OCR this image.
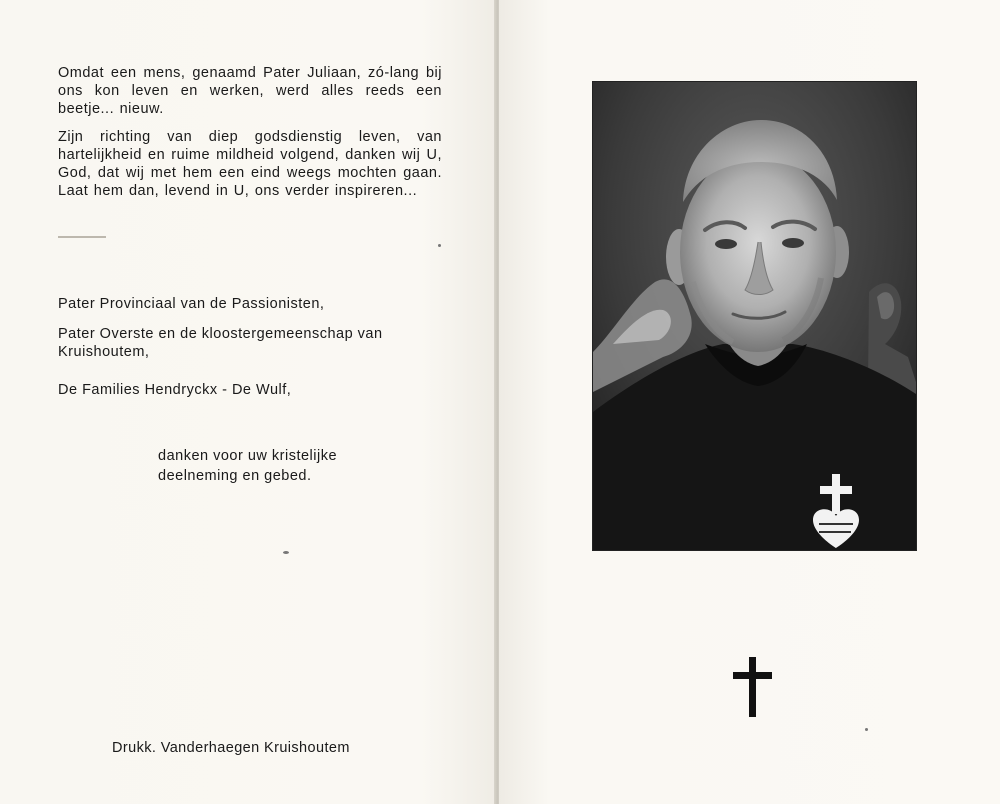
Omdat een mens, genaamd Pater Juliaan, zó-lang bij ons kon leven en werken, werd alles reeds een beetje... nieuw.
Zijn richting van diep godsdienstig leven, van hartelijkheid en ruime mildheid volgend, danken wij U, God, dat wij met hem een eind weegs mochten gaan. Laat hem dan, levend in U, ons verder inspireren...
Pater Provinciaal van de Passionisten,
Pater Overste en de kloostergemeenschap van Kruishoutem,
De Families Hendryckx - De Wulf,
danken voor uw kristelijke
deelneming en gebed.
Drukk. Vanderhaegen Kruishoutem
